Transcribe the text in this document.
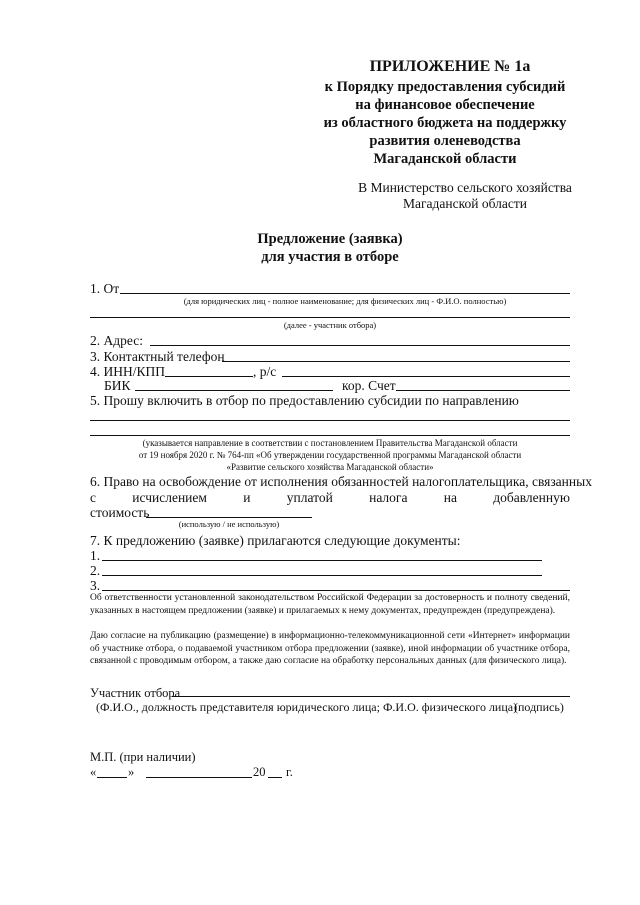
ПРИЛОЖЕНИЕ № 1а
к Порядку предоставления субсидий
на финансовое обеспечение
из областного бюджета на поддержку
развития оленеводства
Магаданской области
В Министерство сельского хозяйства
Магаданской области
Предложение (заявка)
для участия в отборе
1. От
(для юридических лиц - полное наименование; для физических лиц - Ф.И.О. полностью)
(далее - участник отбора)
2. Адрес:
3. Контактный телефон
4. ИНН/КПП	, р/с
БИК	кор. Счет
5. Прошу включить в отбор по предоставлению субсидии по направлению
(указывается направление в соответствии с постановлением Правительства Магаданской области
от 19 ноября 2020 г. № 764-пп «Об утверждении государственной программы Магаданской области
«Развитие сельского хозяйства Магаданской области»
6. Право на освобождение от исполнения обязанностей налогоплательщика, связанных
с	исчислением	и	уплатой	налога	на	добавленную
стоимость
(использую / не использую)
7. К предложению (заявке) прилагаются следующие документы:
1.
2.
3.
Об ответственности установленной законодательством Российской Федерации за достоверность и полноту сведений, указанных в настоящем предложении (заявке) и прилагаемых к нему документах, предупрежден (предупреждена).
Даю согласие на публикацию (размещение) в информационно-телекоммуникационной сети «Интернет» информации об участнике отбора, о подаваемой участником отбора предложении (заявке), иной информации об участнике отбора, связанной с проводимым отбором, а также даю согласие на обработку персональных данных (для физического лица).
Участник отбора
(Ф.И.О., должность представителя юридического лица; Ф.И.О. физического лица)
(подпись)
М.П. (при наличии)
«	»	20 г.
